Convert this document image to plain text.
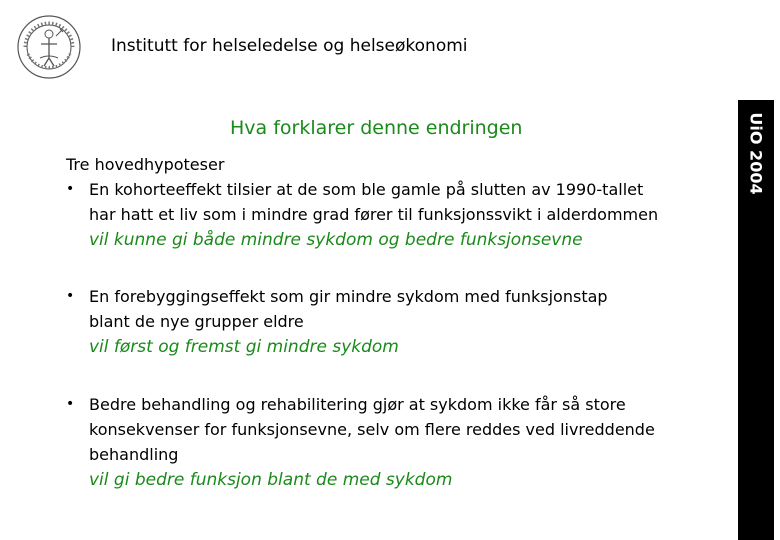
Institutt for helseledelse og helseøkonomi
UiO 2004
Hva forklarer denne endringen

Tre hovedhypoteser

• En kohorteeffekt tilsier at de som ble gamle på slutten av 1990-tallet
har hatt et liv som i mindre grad fører til funksjonssvikt i alderdommen
vil kunne gi både mindre sykdom og bedre funksjonsevne
• En forebyggingseffekt som gir mindre sykdom med funksjonstap
blant de nye grupper eldre
vil først og fremst gi mindre sykdom
• Bedre behandling og rehabilitering gjør at sykdom ikke får så store
konsekvenser for funksjonsevne, selv om flere reddes ved livreddende
behandling
vil gi bedre funksjon blant de med sykdom
